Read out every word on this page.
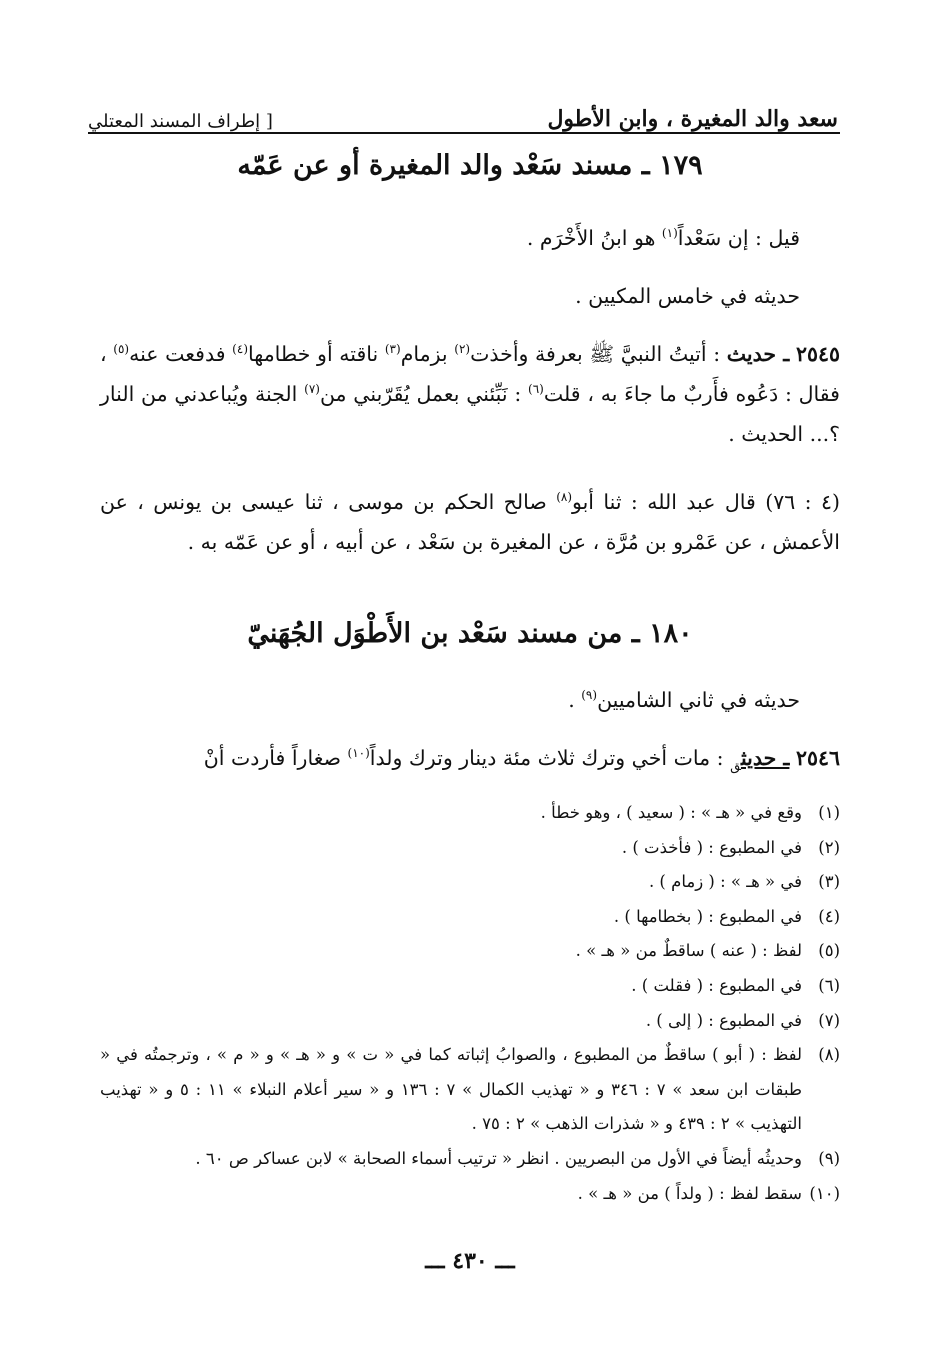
سعد والد المغيرة ، وابن الأطول
[ إطراف المسند المعتلي
١٧٩ ـ مسند سَعْد والد المغيرة أو عن عَمّه
قيل : إن سَعْداً$^{(١)}$ هو ابنُ الأَخْرَم .
حديثه في خامس المكيين .
٢٥٤٥ ـ حديث : أتيتُ النبيَّ ﷺ بعرفة وأخذت$^{(٢)}$ بزمام$^{(٣)}$ ناقته أو خطامها$^{(٤)}$ فدفعت عنه$^{(٥)}$ ، فقال : دَعُوه فأَربٌ ما جاءَ به ، قلت$^{(٦)}$ : نَبِّئني بعمل يُقَرّبني من$^{(٧)}$ الجنة ويُباعدني من النار ؟... الحديث .
(٤ : ٧٦) قال عبد الله : ثنا أبو$^{(٨)}$ صالح الحكم بن موسى ، ثنا عيسى بن يونس ، عن الأعمش ، عن عَمْرو بن مُرَّة ، عن المغيرة بن سَعْد ، عن أبيه ، أو عن عَمّه به .
١٨٠ ـ من مسند سَعْد بن الأَطْوَل الجُهَنيّ
حديثه في ثاني الشاميين$^{(٩)}$ .
٢٥٤٦ ـ حديث$_ق$ : مات أخي وترك ثلاث مئة دينار وترك ولداً$^{(١٠)}$ صغاراً فأردت أنْ
(١)
وقع في « هـ » : ( سعيد ) ، وهو خطأ .
(٢)
في المطبوع : ( فأخذت ) .
(٣)
في « هـ » : ( زمام ) .
(٤)
في المطبوع : ( بخطامها ) .
(٥)
لفظ : ( عنه ) ساقطٌ من « هـ » .
(٦)
في المطبوع : ( فقلت ) .
(٧)
في المطبوع : ( إلى ) .
(٨)
لفظ : ( أبو ) ساقطٌ من المطبوع ، والصوابُ إثباته كما في « ت » و « هـ » و « م » ، وترجمتُه في « طبقات ابن سعد » ٧ : ٣٤٦ و « تهذيب الكمال » ٧ : ١٣٦ و « سير أعلام النبلاء » ١١ : ٥ و « تهذيب التهذيب » ٢ : ٤٣٩ و « شذرات الذهب » ٢ : ٧٥ .
(٩)
وحديثُه أيضاً في الأول من البصريين . انظر « ترتيب أسماء الصحابة » لابن عساكر ص ٦٠ .
(١٠)
سقط لفظ : ( ولداً ) من « هـ » .
ـــ ٤٣٠ ـــ
